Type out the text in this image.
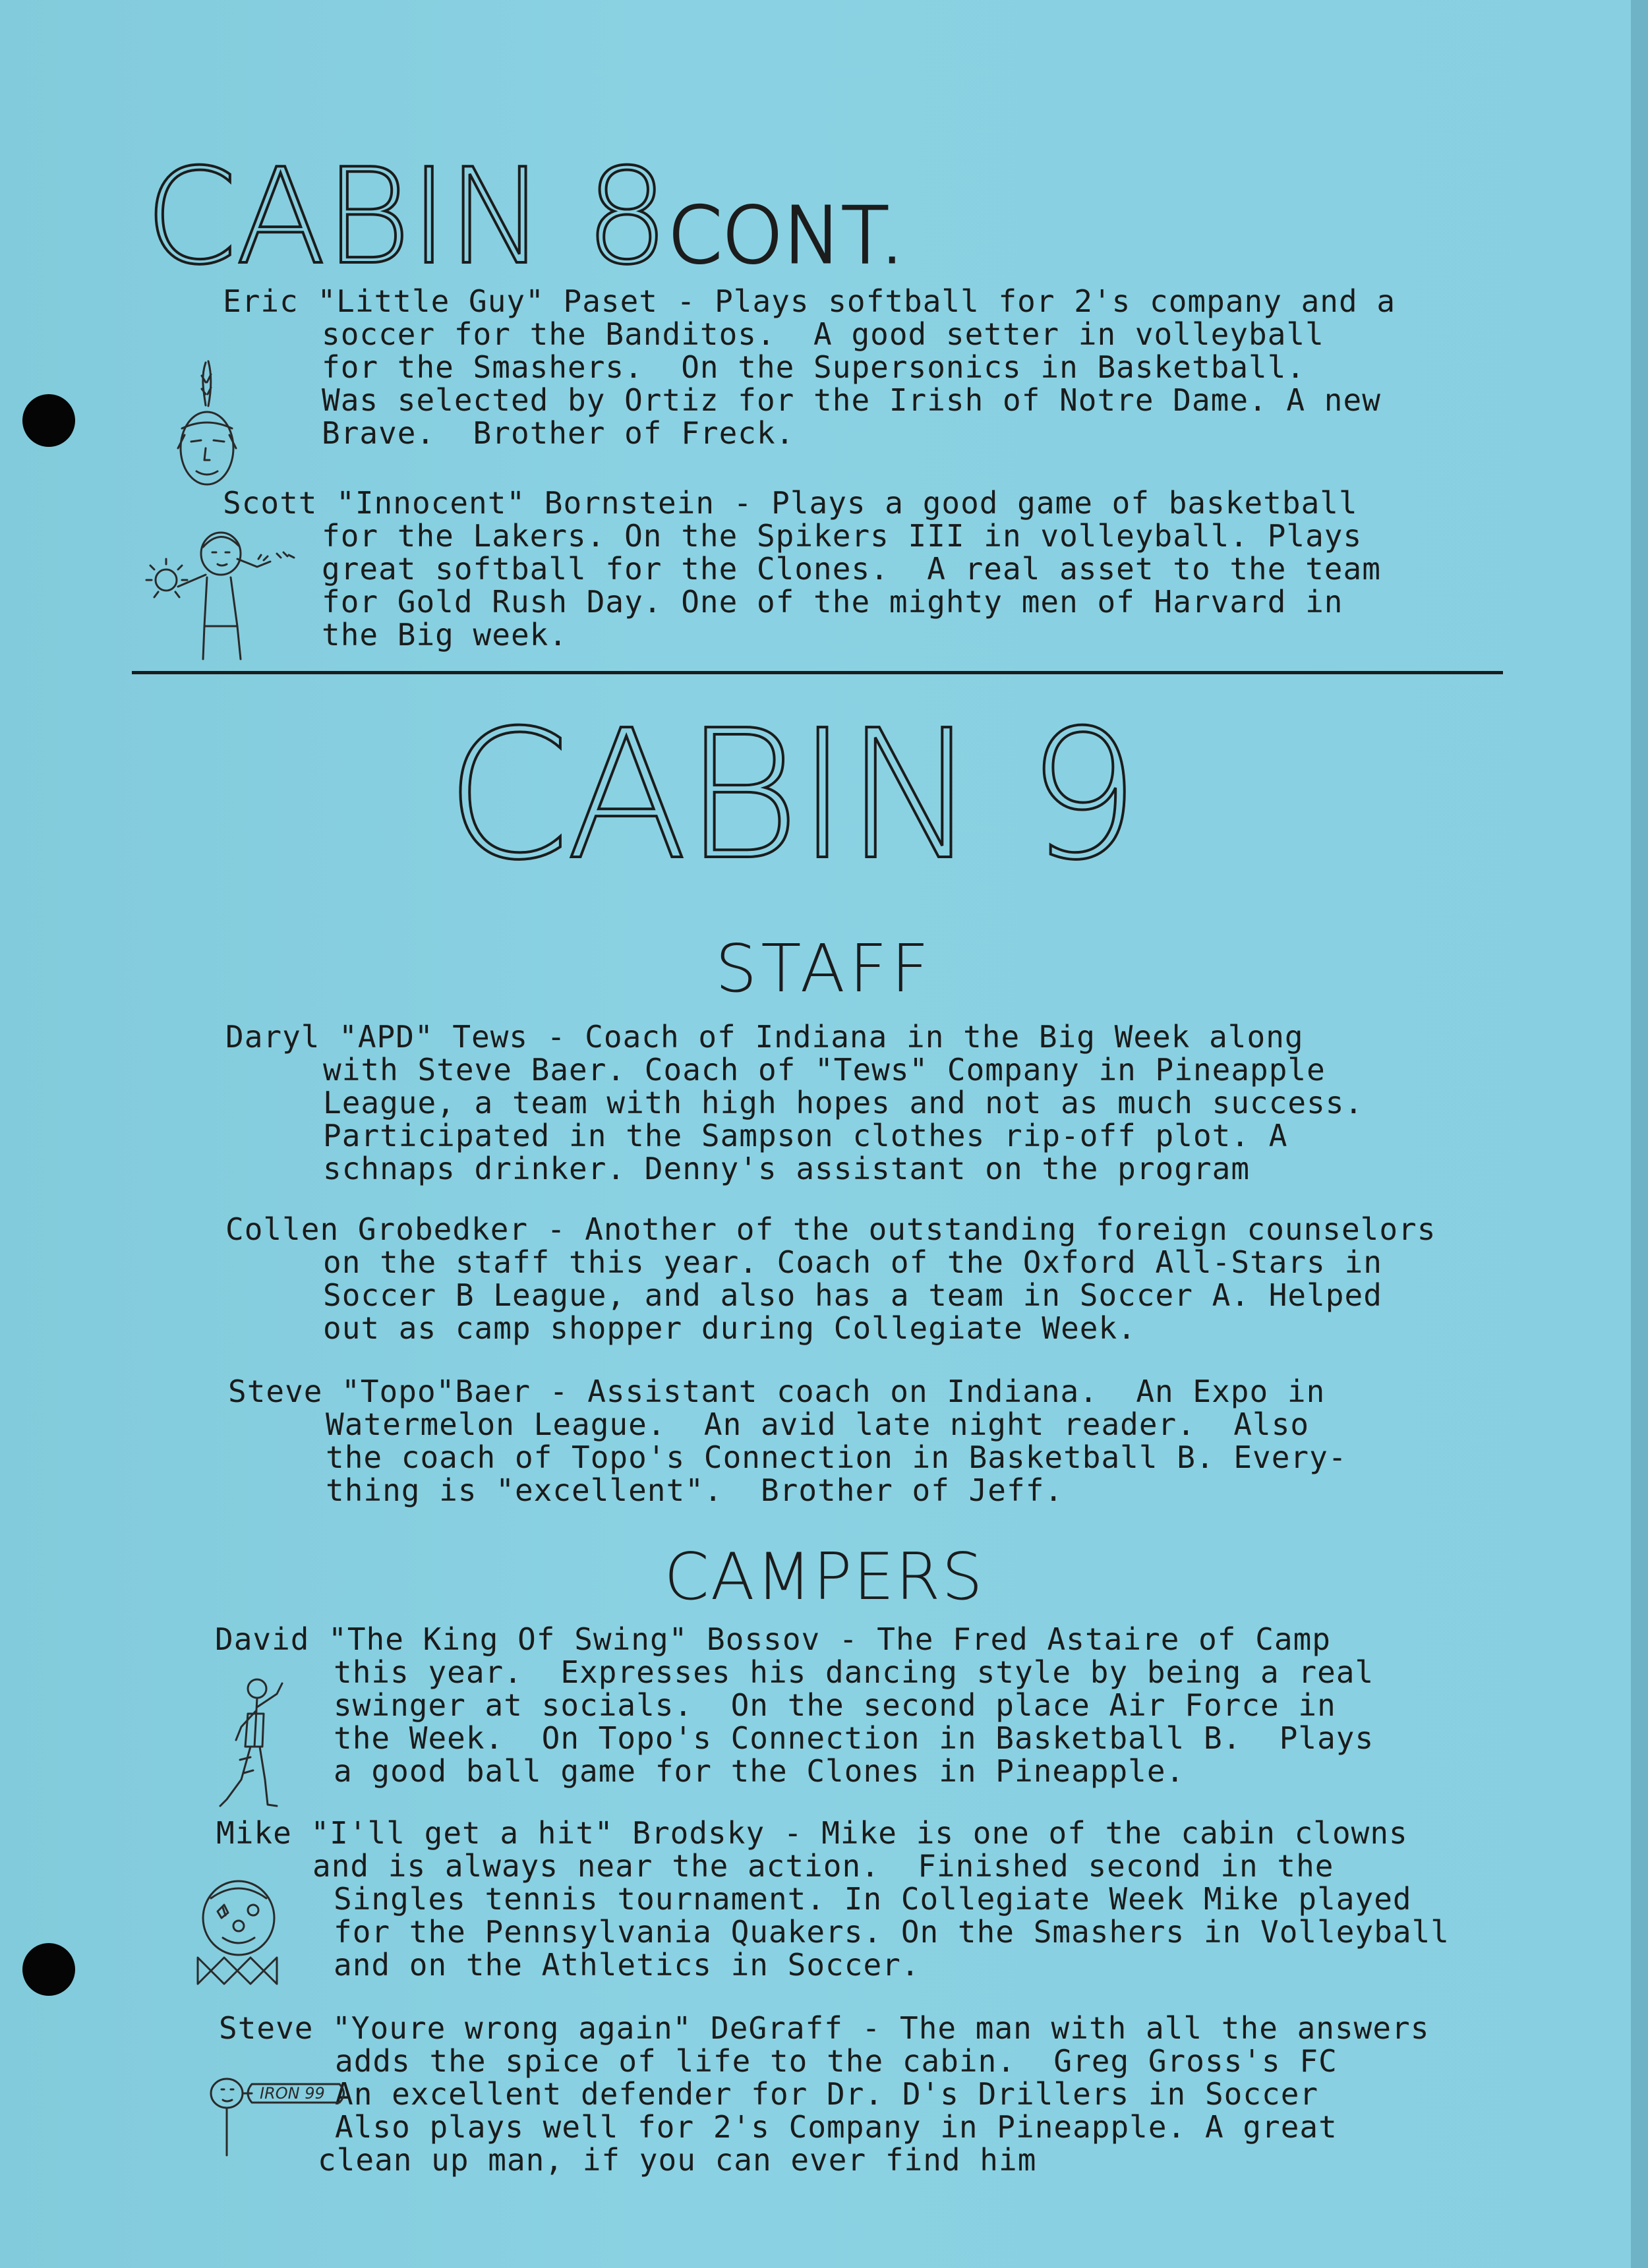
CABIN 8CONT.
Eric "Little Guy" Paset - Plays softball for 2's company and a
soccer for the Banditos.  A good setter in volleyball
for the Smashers.  On the Supersonics in Basketball.
Was selected by Ortiz for the Irish of Notre Dame. A new
Brave.  Brother of Freck.
Scott "Innocent" Bornstein - Plays a good game of basketball
for the Lakers. On the Spikers III in volleyball. Plays
great softball for the Clones.  A real asset to the team
for Gold Rush Day. One of the mighty men of Harvard in
the Big week.
CABIN 9
STAFF
Daryl "APD" Tews - Coach of Indiana in the Big Week along
with Steve Baer. Coach of "Tews" Company in Pineapple
League, a team with high hopes and not as much success.
Participated in the Sampson clothes rip-off plot. A
schnaps drinker. Denny's assistant on the program
Collen Grobedker - Another of the outstanding foreign counselors
on the staff this year. Coach of the Oxford All-Stars in
Soccer B League, and also has a team in Soccer A. Helped
out as camp shopper during Collegiate Week.
Steve "Topo"Baer - Assistant coach on Indiana.  An Expo in
Watermelon League.  An avid late night reader.  Also
the coach of Topo's Connection in Basketball B. Every-
thing is "excellent".  Brother of Jeff.
CAMPERS
David "The King Of Swing" Bossov - The Fred Astaire of Camp
this year.  Expresses his dancing style by being a real
swinger at socials.  On the second place Air Force in
the Week.  On Topo's Connection in Basketball B.  Plays
a good ball game for the Clones in Pineapple.
Mike "I'll get a hit" Brodsky - Mike is one of the cabin clowns
and is always near the action.  Finished second in the
Singles tennis tournament. In Collegiate Week Mike played
for the Pennsylvania Quakers. On the Smashers in Volleyball
and on the Athletics in Soccer.
Steve "Youre wrong again" DeGraff - The man with all the answers
adds the spice of life to the cabin.  Greg Gross's FC
An excellent defender for Dr. D's Drillers in Soccer
Also plays well for 2's Company in Pineapple. A great
clean up man, if you can ever find him
IRON 99
